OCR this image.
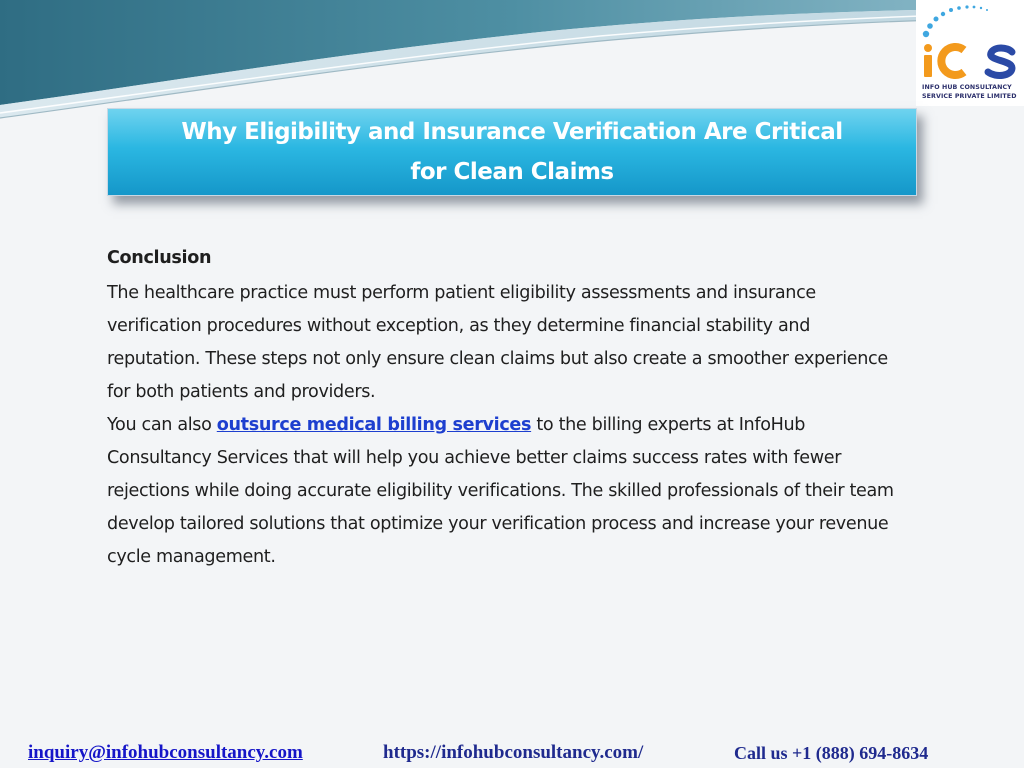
INFO HUB CONSULTANCY
SERVICE PRIVATE LIMITED
Why Eligibility and Insurance Verification Are Critical
for Clean Claims
Conclusion

The healthcare practice must perform patient eligibility assessments and insurance verification procedures without exception, as they determine financial stability and reputation. These steps not only ensure clean claims but also create a smoother experience for both patients and providers.

You can also outsurce medical billing services to the billing experts at InfoHub Consultancy Services that will help you achieve better claims success rates with fewer rejections while doing accurate eligibility verifications. The skilled professionals of their team develop tailored solutions that optimize your verification process and increase your revenue cycle management.

inquiry@infohubconsultancy.com	https://infohubconsultancy.com/	Call us +1 (888) 694-8634
